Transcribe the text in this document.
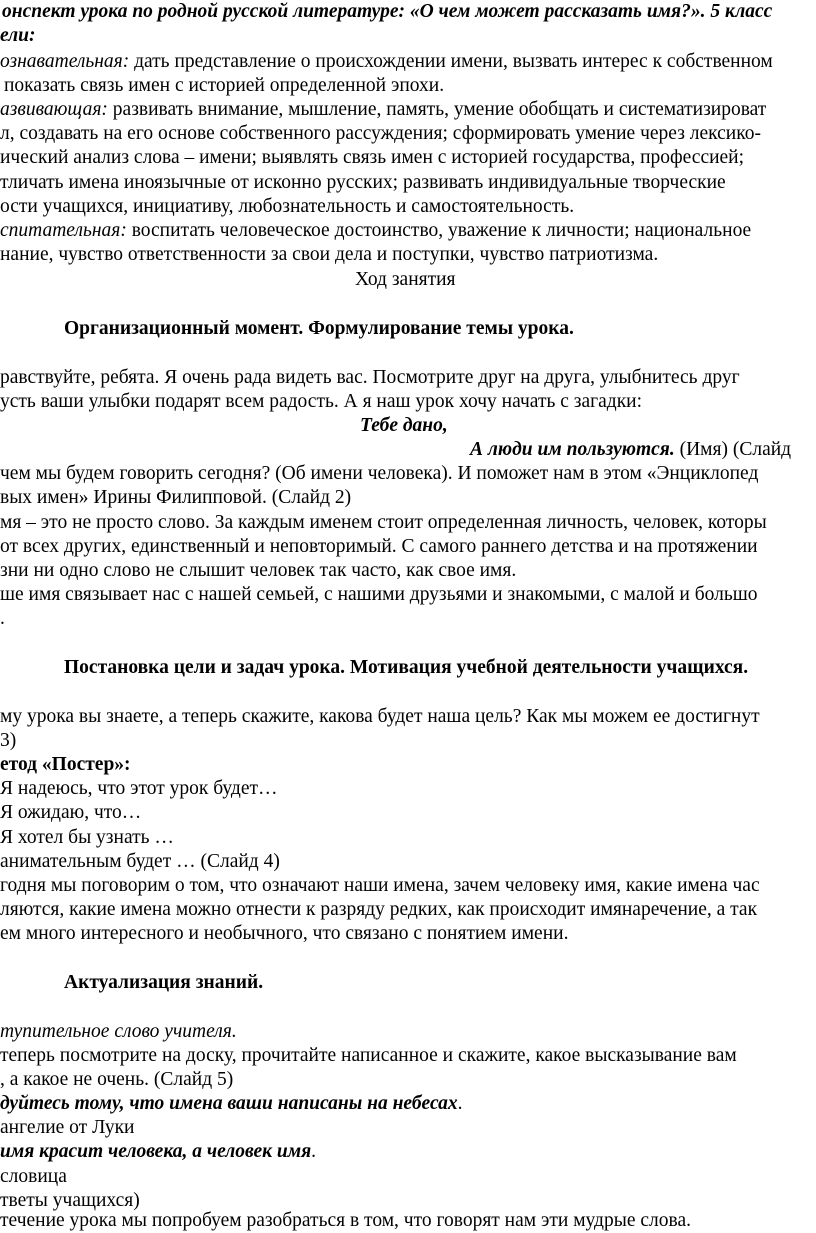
онспект урока по родной русской литературе: «О чем может рассказать имя?». 5 класс
ели:
ознавательная: дать представление о происхождении имени, вызвать интерес к собственном
показать связь имен с историей определенной эпохи.
азвивающая: развивать внимание, мышление, память, умение обобщать и систематизироват
л, создавать на его основе собственного рассуждения; сформировать умение через лексико-
ический анализ слова – имени; выявлять связь имен с историей государства, профессией;
тличать имена иноязычные от исконно русских; развивать индивидуальные творческие
ости учащихся, инициативу, любознательность и самостоятельность.
спитательная: воспитать человеческое достоинство, уважение к личности; национальное
нание, чувство ответственности за свои дела и поступки, чувство патриотизма.
Ход занятия
Организационный момент. Формулирование темы урока.
равствуйте, ребята. Я очень рада видеть вас. Посмотрите друг на друга, улыбнитесь друг
усть ваши улыбки подарят всем радость. А я наш урок хочу начать с загадки:
Тебе дано,
А люди им пользуются. (Имя) (Слайд
чем мы будем говорить сегодня? (Об имени человека). И поможет нам в этом «Энциклопед
вых имен» Ирины Филипповой. (Слайд 2)
мя – это не просто слово. За каждым именем стоит определенная личность, человек, которы
от всех других, единственный и неповторимый. С самого раннего детства и на протяжении
зни ни одно слово не слышит человек так часто, как свое имя.
ше имя связывает нас с нашей семьей, с нашими друзьями и знакомыми, с малой и большо
.
Постановка цели и задач урока. Мотивация учебной деятельности учащихся.
му урока вы знаете, а теперь скажите, какова будет наша цель? Как мы можем ее достигнут
3)
етод «Постер»:
Я надеюсь, что этот урок будет…
Я ожидаю, что…
Я хотел бы узнать …
анимательным будет … (Слайд 4)
годня мы поговорим о том, что означают наши имена, зачем человеку имя, какие имена час
ляются, какие имена можно отнести к разряду редких, как происходит имянаречение, а так
ем много интересного и необычного, что связано с понятием имени.
Актуализация знаний.
тупительное слово учителя.
теперь посмотрите на доску, прочитайте написанное и скажите, какое высказывание вам
, а какое не очень. (Слайд 5)
дуйтесь тому, что имена ваши написаны на небесах.
ангелие от Луки
имя красит человека, а человек имя.
словица
тветы учащихся)
течение урока мы попробуем разобраться в том, что говорят нам эти мудрые слова.
